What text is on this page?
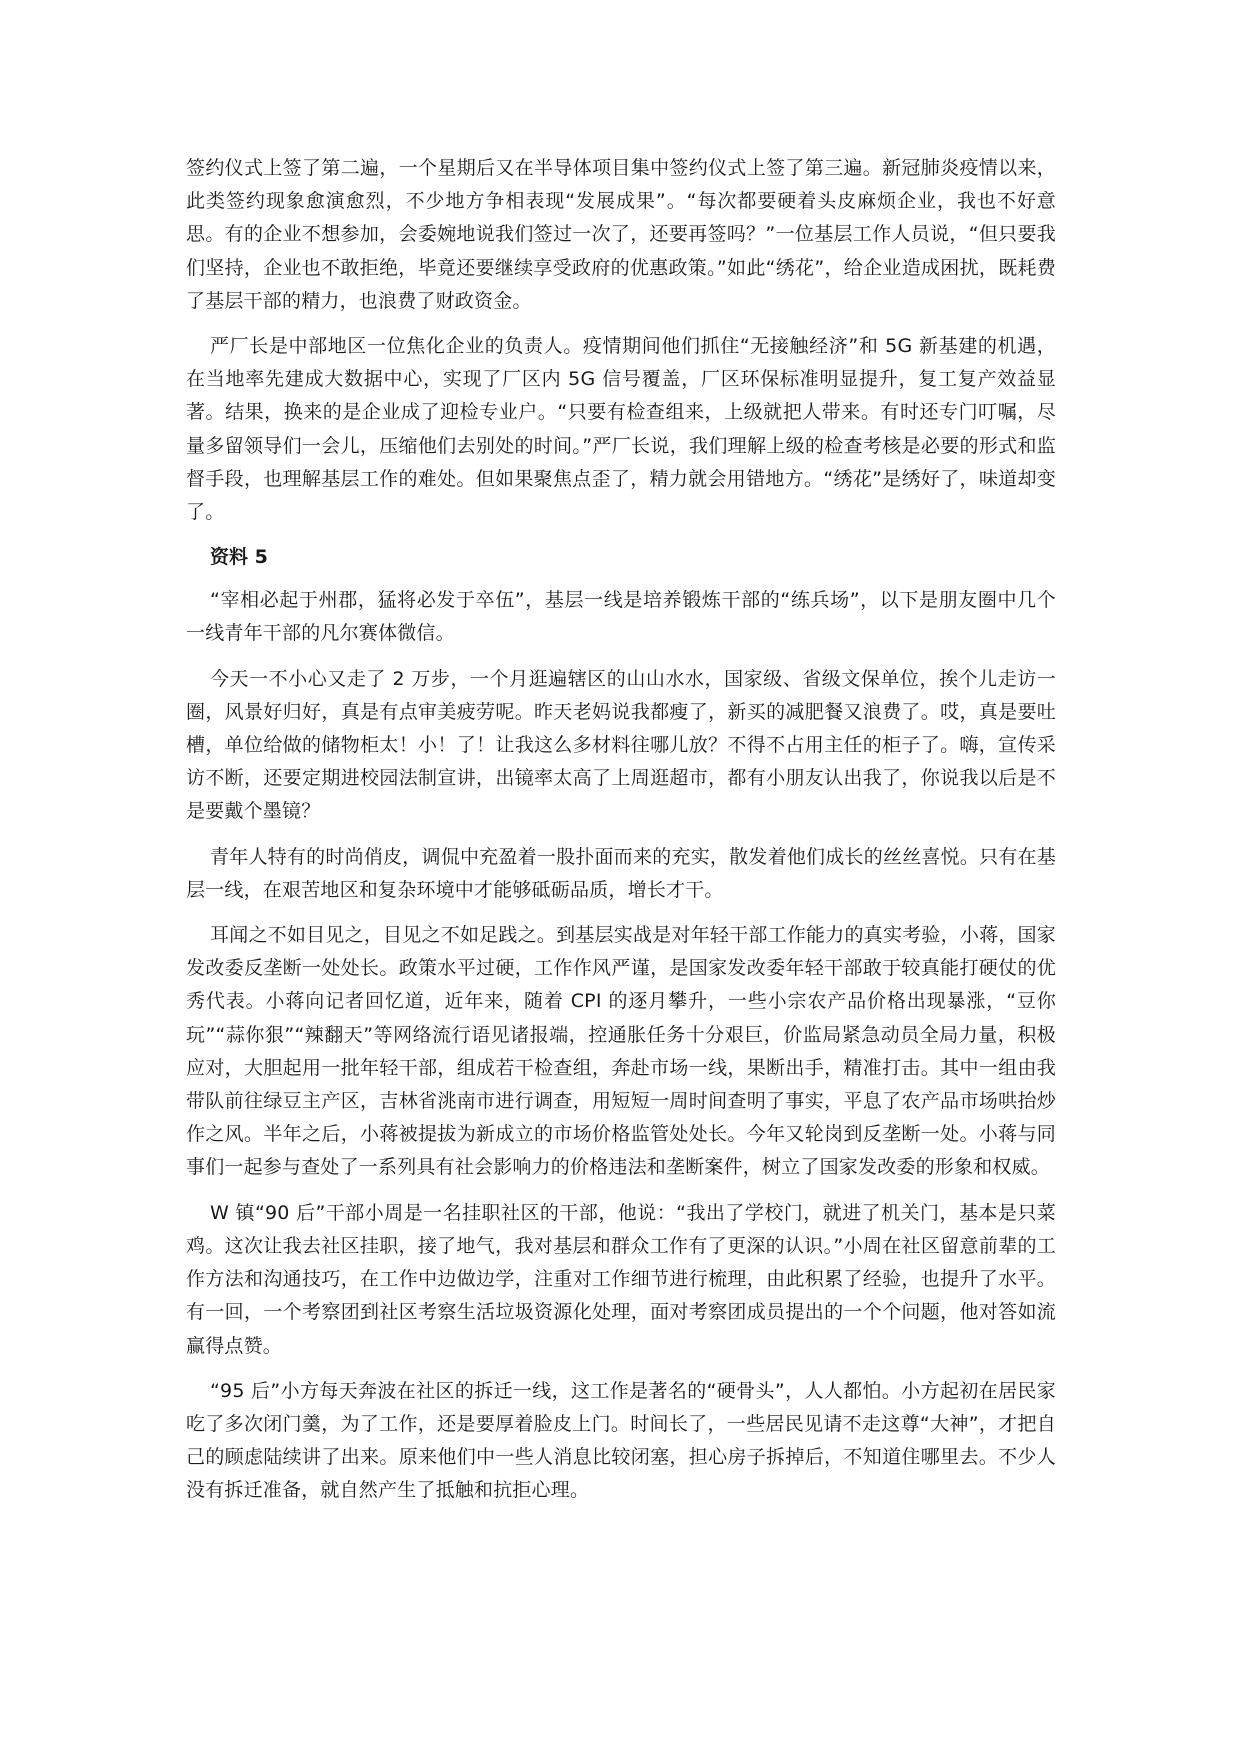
签约仪式上签了第二遍，一个星期后又在半导体项目集中签约仪式上签了第三遍。新冠肺炎疫情以来，此类签约现象愈演愈烈，不少地方争相表现“发展成果”。“每次都要硬着头皮麻烦企业，我也不好意思。有的企业不想参加，会委婉地说我们签过一次了，还要再签吗？”一位基层工作人员说，“但只要我们坚持，企业也不敢拒绝，毕竟还要继续享受政府的优惠政策。”如此“绣花”，给企业造成困扰，既耗费了基层干部的精力，也浪费了财政资金。

严厂长是中部地区一位焦化企业的负责人。疫情期间他们抓住“无接触经济”和 5G 新基建的机遇，在当地率先建成大数据中心，实现了厂区内 5G 信号覆盖，厂区环保标准明显提升，复工复产效益显著。结果，换来的是企业成了迎检专业户。“只要有检查组来，上级就把人带来。有时还专门叮嘱，尽量多留领导们一会儿，压缩他们去别处的时间。”严厂长说，我们理解上级的检查考核是必要的形式和监督手段，也理解基层工作的难处。但如果聚焦点歪了，精力就会用错地方。“绣花”是绣好了，味道却变了。

资料 5

“宰相必起于州郡，猛将必发于卒伍”，基层一线是培养锻炼干部的“练兵场”，以下是朋友圈中几个一线青年干部的凡尔赛体微信。

今天一不小心又走了 2 万步，一个月逛遍辖区的山山水水，国家级、省级文保单位，挨个儿走访一圈，风景好归好，真是有点审美疲劳呢。昨天老妈说我都瘦了，新买的减肥餐又浪费了。哎，真是要吐槽，单位给做的储物柜太！小！了！让我这么多材料往哪儿放？不得不占用主任的柜子了。嗨，宣传采访不断，还要定期进校园法制宣讲，出镜率太高了上周逛超市，都有小朋友认出我了，你说我以后是不是要戴个墨镜？

青年人特有的时尚俏皮，调侃中充盈着一股扑面而来的充实，散发着他们成长的丝丝喜悦。只有在基层一线，在艰苦地区和复杂环境中才能够砥砺品质，增长才干。

耳闻之不如目见之，目见之不如足践之。到基层实战是对年轻干部工作能力的真实考验，小蒋，国家发改委反垄断一处处长。政策水平过硬，工作作风严谨，是国家发改委年轻干部敢于较真能打硬仗的优秀代表。小蒋向记者回忆道，近年来，随着 CPI 的逐月攀升，一些小宗农产品价格出现暴涨，“豆你玩”“蒜你狠”“辣翻天”等网络流行语见诸报端，控通胀任务十分艰巨，价监局紧急动员全局力量，积极应对，大胆起用一批年轻干部，组成若干检查组，奔赴市场一线，果断出手，精准打击。其中一组由我带队前往绿豆主产区，吉林省洮南市进行调查，用短短一周时间查明了事实，平息了农产品市场哄抬炒作之风。半年之后，小蒋被提拔为新成立的市场价格监管处处长。今年又轮岗到反垄断一处。小蒋与同事们一起参与查处了一系列具有社会影响力的价格违法和垄断案件，树立了国家发改委的形象和权威。

W 镇“90 后”干部小周是一名挂职社区的干部，他说：“我出了学校门，就进了机关门，基本是只菜鸡。这次让我去社区挂职，接了地气，我对基层和群众工作有了更深的认识。”小周在社区留意前辈的工作方法和沟通技巧，在工作中边做边学，注重对工作细节进行梳理，由此积累了经验，也提升了水平。有一回，一个考察团到社区考察生活垃圾资源化处理，面对考察团成员提出的一个个问题，他对答如流赢得点赞。

“95 后”小方每天奔波在社区的拆迁一线，这工作是著名的“硬骨头”，人人都怕。小方起初在居民家吃了多次闭门羹，为了工作，还是要厚着脸皮上门。时间长了，一些居民见请不走这尊“大神”，才把自己的顾虑陆续讲了出来。原来他们中一些人消息比较闭塞，担心房子拆掉后，不知道住哪里去。不少人没有拆迁准备，就自然产生了抵触和抗拒心理。
